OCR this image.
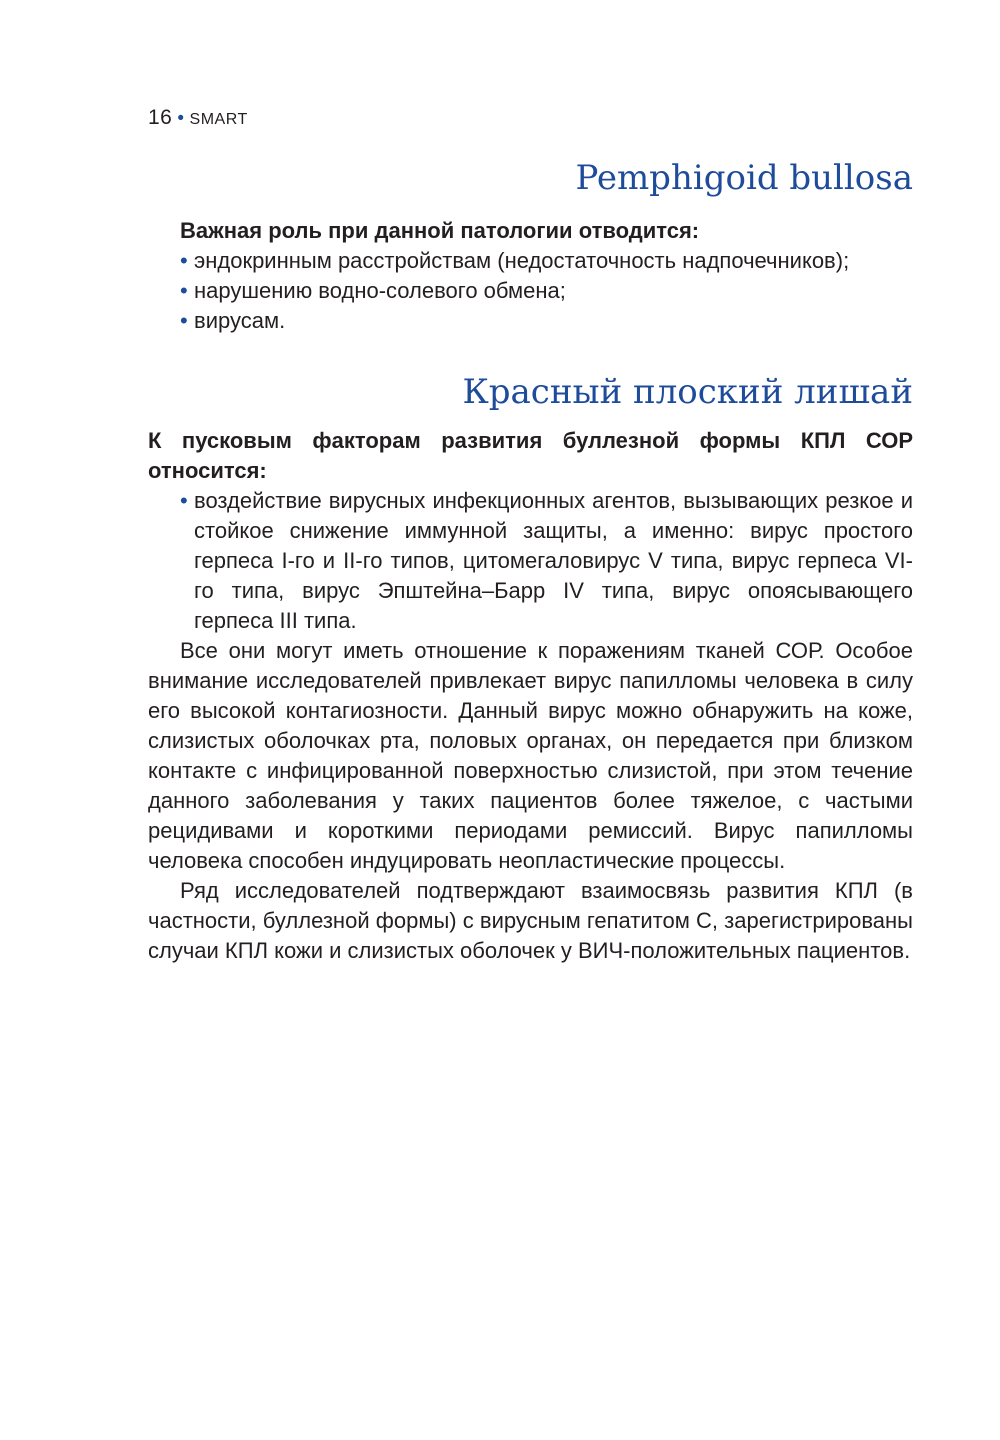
16 • SMART
Pemphigoid bullosa

Важная роль при данной патологии отводится:

• эндокринным расстройствам (недостаточность надпочечников);
• нарушению водно-солевого обмена;
• вирусам.
Красный плоский лишай

К пусковым факторам развития буллезной формы КПЛ СОР относится:

• воздействие вирусных инфекционных агентов, вызывающих резкое и стойкое снижение иммунной защиты, а именно: вирус простого герпеса I-го и II-го типов, цитомегаловирус V типа, вирус герпеса VI-го типа, вирус Эпштейна–Барр IV типа, вирус опоясывающего герпеса III типа.

Все они могут иметь отношение к поражениям тканей СОР. Особое внимание исследователей привлекает вирус папилломы человека в силу его высокой контагиозности. Данный вирус можно обнаружить на коже, слизистых оболочках рта, половых органах, он передается при близком контакте с инфицированной поверхностью слизистой, при этом течение данного заболевания у таких пациентов более тяжелое, с частыми рецидивами и короткими периодами ремиссий. Вирус папилломы человека способен индуцировать неопластические процессы.

Ряд исследователей подтверждают взаимосвязь развития КПЛ (в частности, буллезной формы) с вирусным гепатитом С, зарегистрированы случаи КПЛ кожи и слизистых оболочек у ВИЧ-положительных пациентов.
